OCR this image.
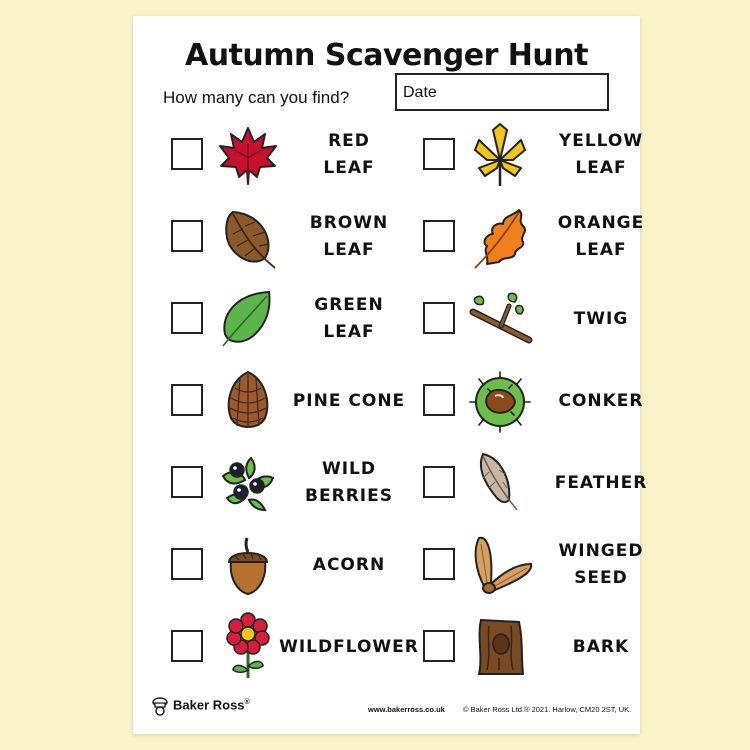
Autumn Scavenger Hunt
How many can you find?	Date
RED
LEAF
BROWN
LEAF
GREEN
LEAF
PINE CONE
WILD
BERRIES
ACORN
WILDFLOWER
YELLOW
LEAF
ORANGE
LEAF
TWIG
CONKER
FEATHER
WINGED
SEED
BARK
Baker Ross®
www.bakerross.co.uk © Baker Ross Ltd.® 2021. Harlow, CM20 2ST, UK.
